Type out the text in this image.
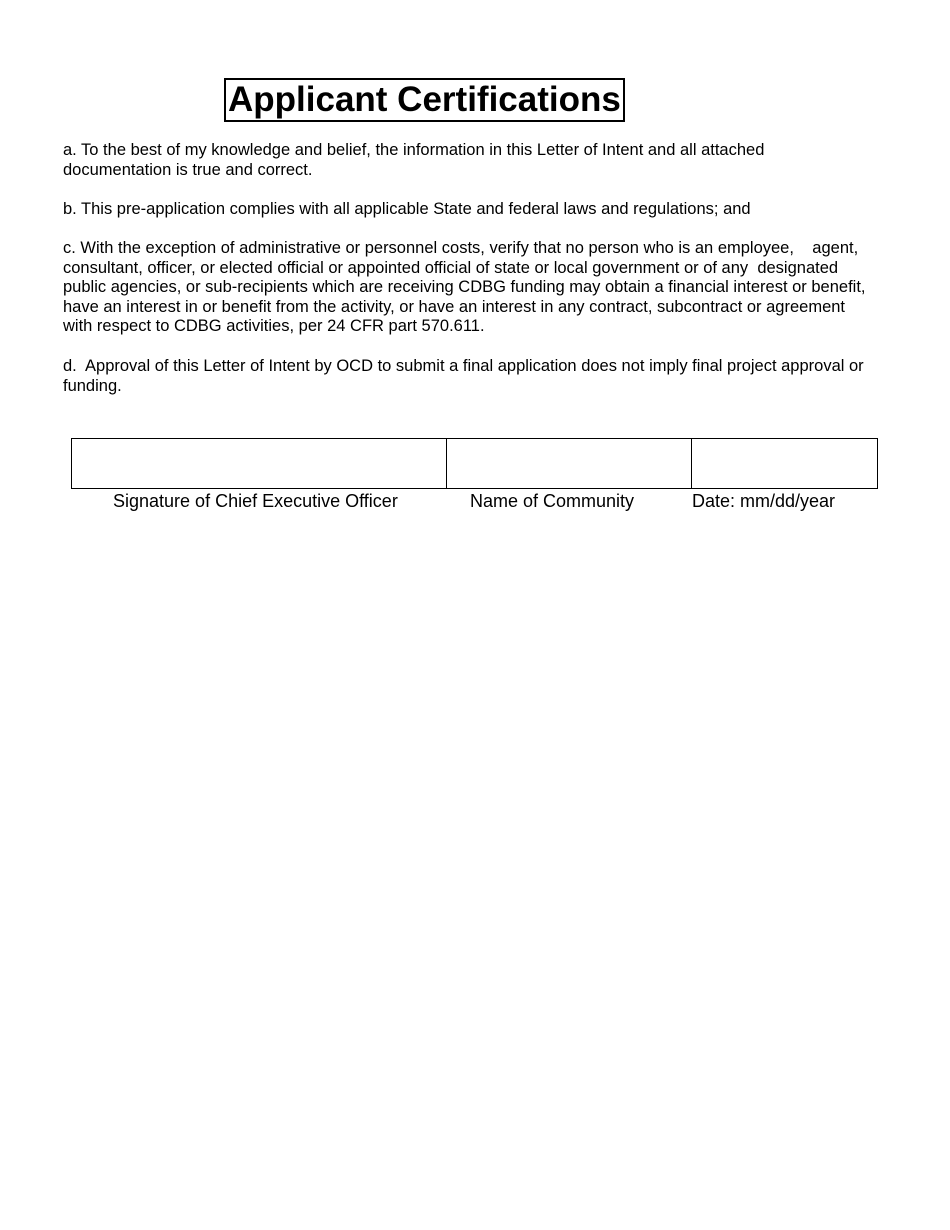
Applicant Certifications

a. To the best of my knowledge and belief, the information in this Letter of Intent and all attached
documentation is true and correct.

b. This pre-application complies with all applicable State and federal laws and regulations; and

c. With the exception of administrative or personnel costs, verify that no person who is an employee,    agent,
consultant, officer, or elected official or appointed official of state or local government or of any  designated
public agencies, or sub-recipients which are receiving CDBG funding may obtain a financial interest or benefit,
have an interest in or benefit from the activity, or have an interest in any contract, subcontract or agreement
with respect to CDBG activities, per 24 CFR part 570.611.

d.  Approval of this Letter of Intent by OCD to submit a final application does not imply final project approval or
funding.

Signature of Chief Executive Officer	Name of Community	Date: mm/dd/year
